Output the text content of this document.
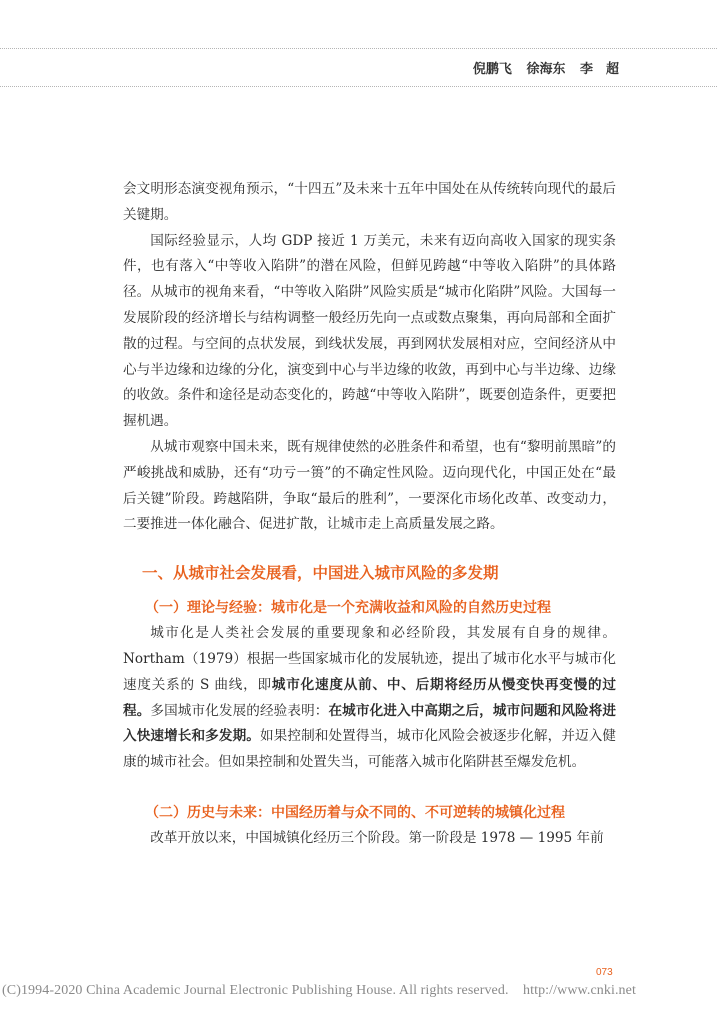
倪鹏飞 徐海东 李　超

会文明形态演变视角预示，“十四五”及未来十五年中国处在从传统转向现代的最后关键期。

国际经验显示，人均 GDP 接近 1 万美元，未来有迈向高收入国家的现实条件，也有落入“中等收入陷阱”的潜在风险，但鲜见跨越“中等收入陷阱”的具体路径。从城市的视角来看，“中等收入陷阱”风险实质是“城市化陷阱”风险。大国每一发展阶段的经济增长与结构调整一般经历先向一点或数点聚集，再向局部和全面扩散的过程。与空间的点状发展，到线状发展，再到网状发展相对应，空间经济从中心与半边缘和边缘的分化，演变到中心与半边缘的收敛，再到中心与半边缘、边缘的收敛。条件和途径是动态变化的，跨越“中等收入陷阱”，既要创造条件，更要把握机遇。

从城市观察中国未来，既有规律使然的必胜条件和希望，也有“黎明前黑暗”的严峻挑战和威胁，还有“功亏一篑”的不确定性风险。迈向现代化，中国正处在“最后关键”阶段。跨越陷阱，争取“最后的胜利”，一要深化市场化改革、改变动力，二要推进一体化融合、促进扩散，让城市走上高质量发展之路。

一、从城市社会发展看，中国进入城市风险的多发期
（一）理论与经验：城市化是一个充满收益和风险的自然历史过程

城市化是人类社会发展的重要现象和必经阶段，其发展有自身的规律。Northam（1979）根据一些国家城市化的发展轨迹，提出了城市化水平与城市化速度关系的 S 曲线，即城市化速度从前、中、后期将经历从慢变快再变慢的过程。多国城市化发展的经验表明：在城市化进入中高期之后，城市问题和风险将进入快速增长和多发期。如果控制和处置得当，城市化风险会被逐步化解，并迈入健康的城市社会。但如果控制和处置失当，可能落入城市化陷阱甚至爆发危机。

（二）历史与未来：中国经历着与众不同的、不可逆转的城镇化过程

改革开放以来，中国城镇化经历三个阶段。第一阶段是 1978 — 1995 年前

073
(C)1994-2020 China Academic Journal Electronic Publishing House. All rights reserved. http://www.cnki.net
